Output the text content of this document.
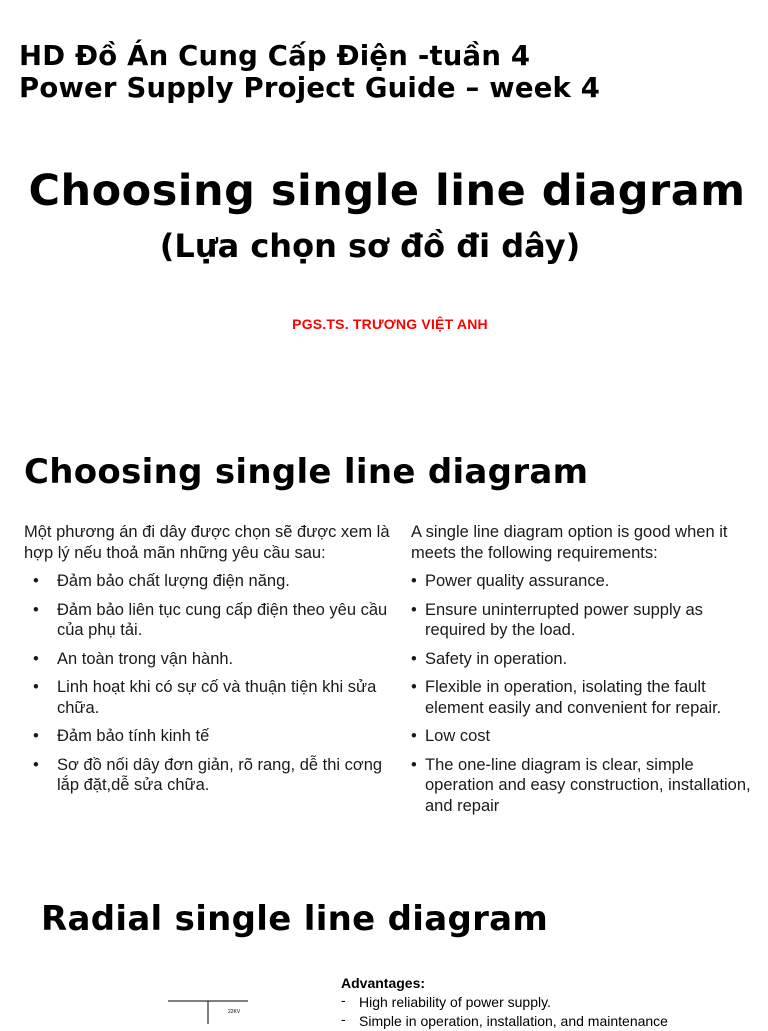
HD Đồ Án Cung Cấp Điện -tuần 4
Power Supply Project Guide – week 4
Choosing single line diagram
(Lựa chọn sơ đồ đi dây)
PGS.TS. TRƯƠNG VIỆT ANH
Choosing single line diagram

Một phương án đi dây được chọn sẽ được xem là hợp lý nếu thoả mãn những yêu cầu sau:

• Đảm bảo chất lượng điện năng.
• Đảm bảo liên tục cung cấp điện theo yêu cầu của phụ tải.
• An toàn trong vận hành.
• Linh hoạt khi có sự cố và thuận tiện khi sửa chữa.
• Đảm bảo tính kinh tế
• Sơ đồ nối dây đơn giản, rõ rang, dễ thi cơng lắp đặt,dễ sửa chữa.

A single line diagram option is good when it meets the following requirements:

• Power quality assurance.
• Ensure uninterrupted power supply as required by the load.
• Safety in operation.
• Flexible in operation, isolating the fault element easily and convenient for repair.
• Low cost
• The one-line diagram is clear, simple operation and easy construction, installation, and repair
Radial single line diagram
22KV
Advantages:
- High reliability of power supply.
- Simple in operation, installation, and maintenance
